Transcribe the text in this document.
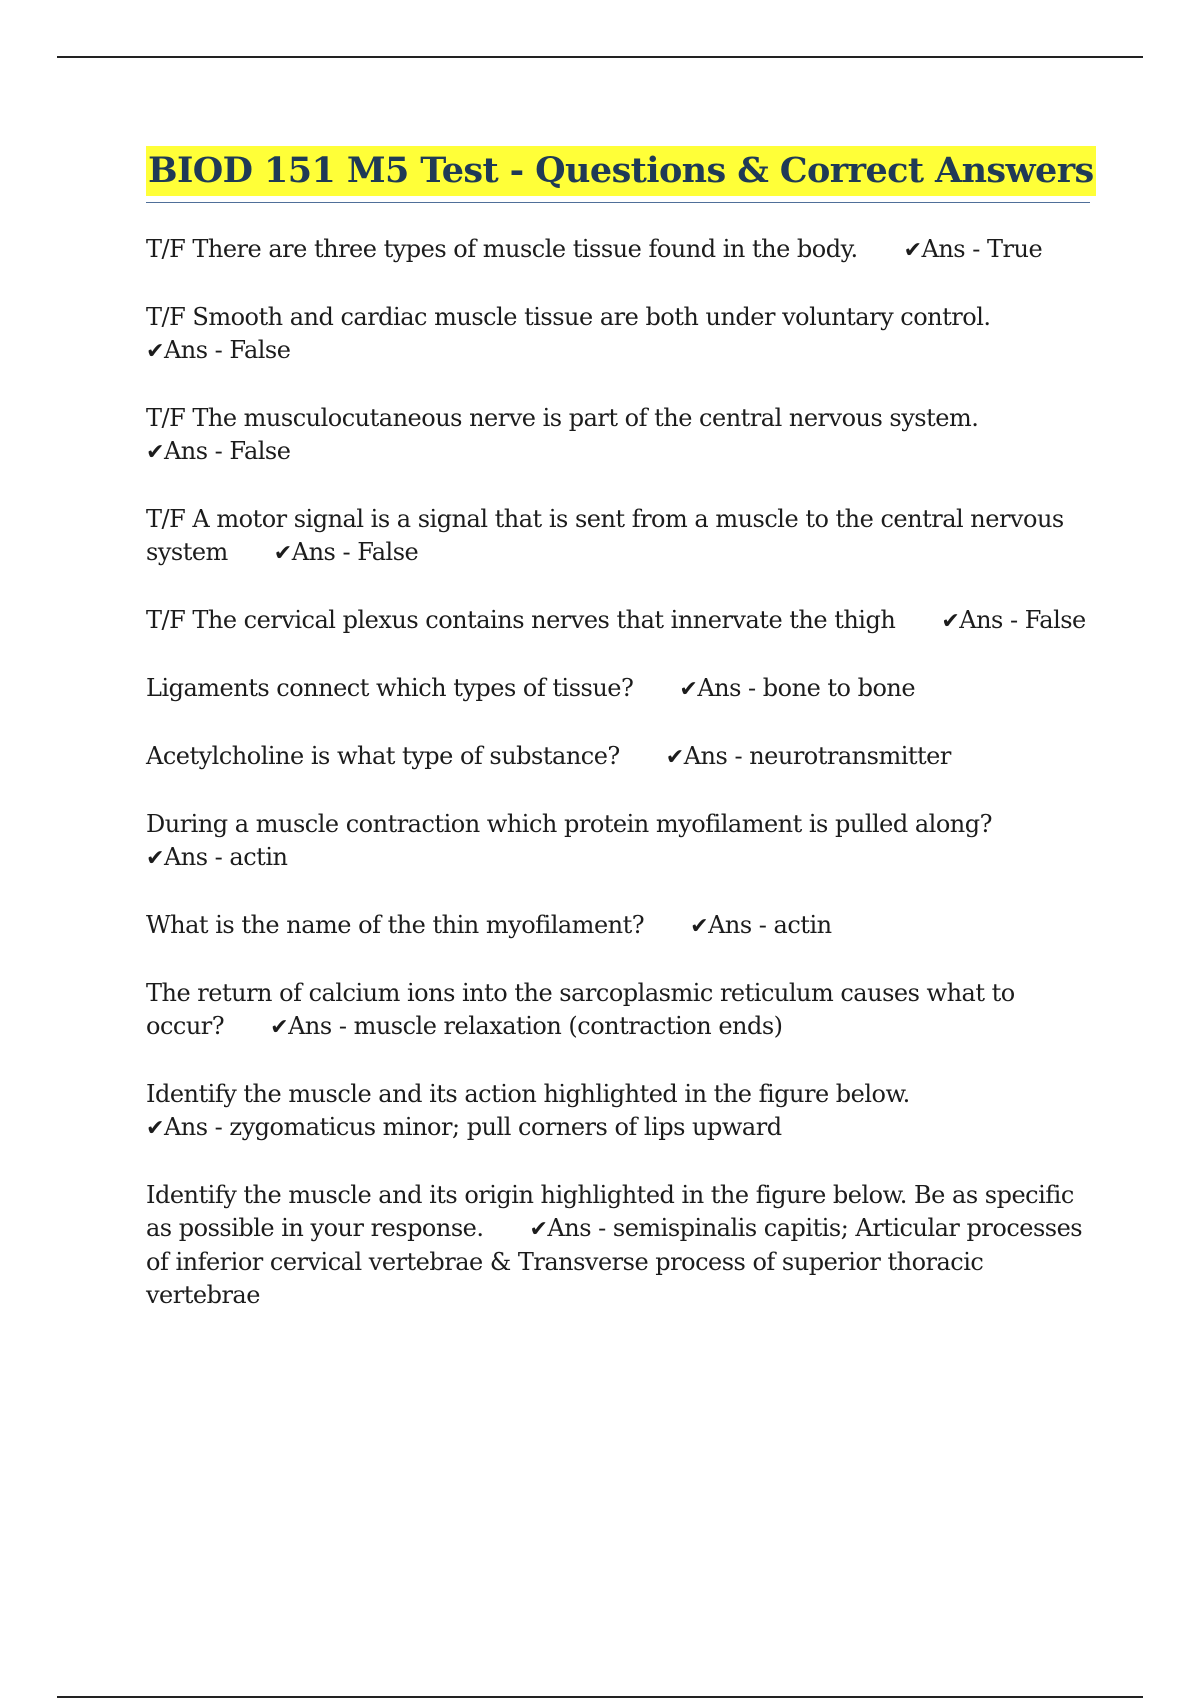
BIOD 151 M5 Test - Questions & Correct Answers

T/F There are three types of muscle tissue found in the body. ✔Ans - True

T/F Smooth and cardiac muscle tissue are both under voluntary control.✔Ans - False

T/F The musculocutaneous nerve is part of the central nervous system.✔Ans - False

T/F A motor signal is a signal that is sent from a muscle to the central nervous system ✔Ans - False

T/F The cervical plexus contains nerves that innervate the thigh ✔Ans - False

Ligaments connect which types of tissue? ✔Ans - bone to bone

Acetylcholine is what type of substance? ✔Ans - neurotransmitter

During a muscle contraction which protein myofilament is pulled along?✔Ans - actin

What is the name of the thin myofilament? ✔Ans - actin

The return of calcium ions into the sarcoplasmic reticulum causes what to occur? ✔Ans - muscle relaxation (contraction ends)

Identify the muscle and its action highlighted in the figure below.✔Ans - zygomaticus minor; pull corners of lips upward

Identify the muscle and its origin highlighted in the figure below. Be as specific as possible in your response. ✔Ans - semispinalis capitis; Articular processes of inferior cervical vertebrae & Transverse process of superior thoracic vertebrae
